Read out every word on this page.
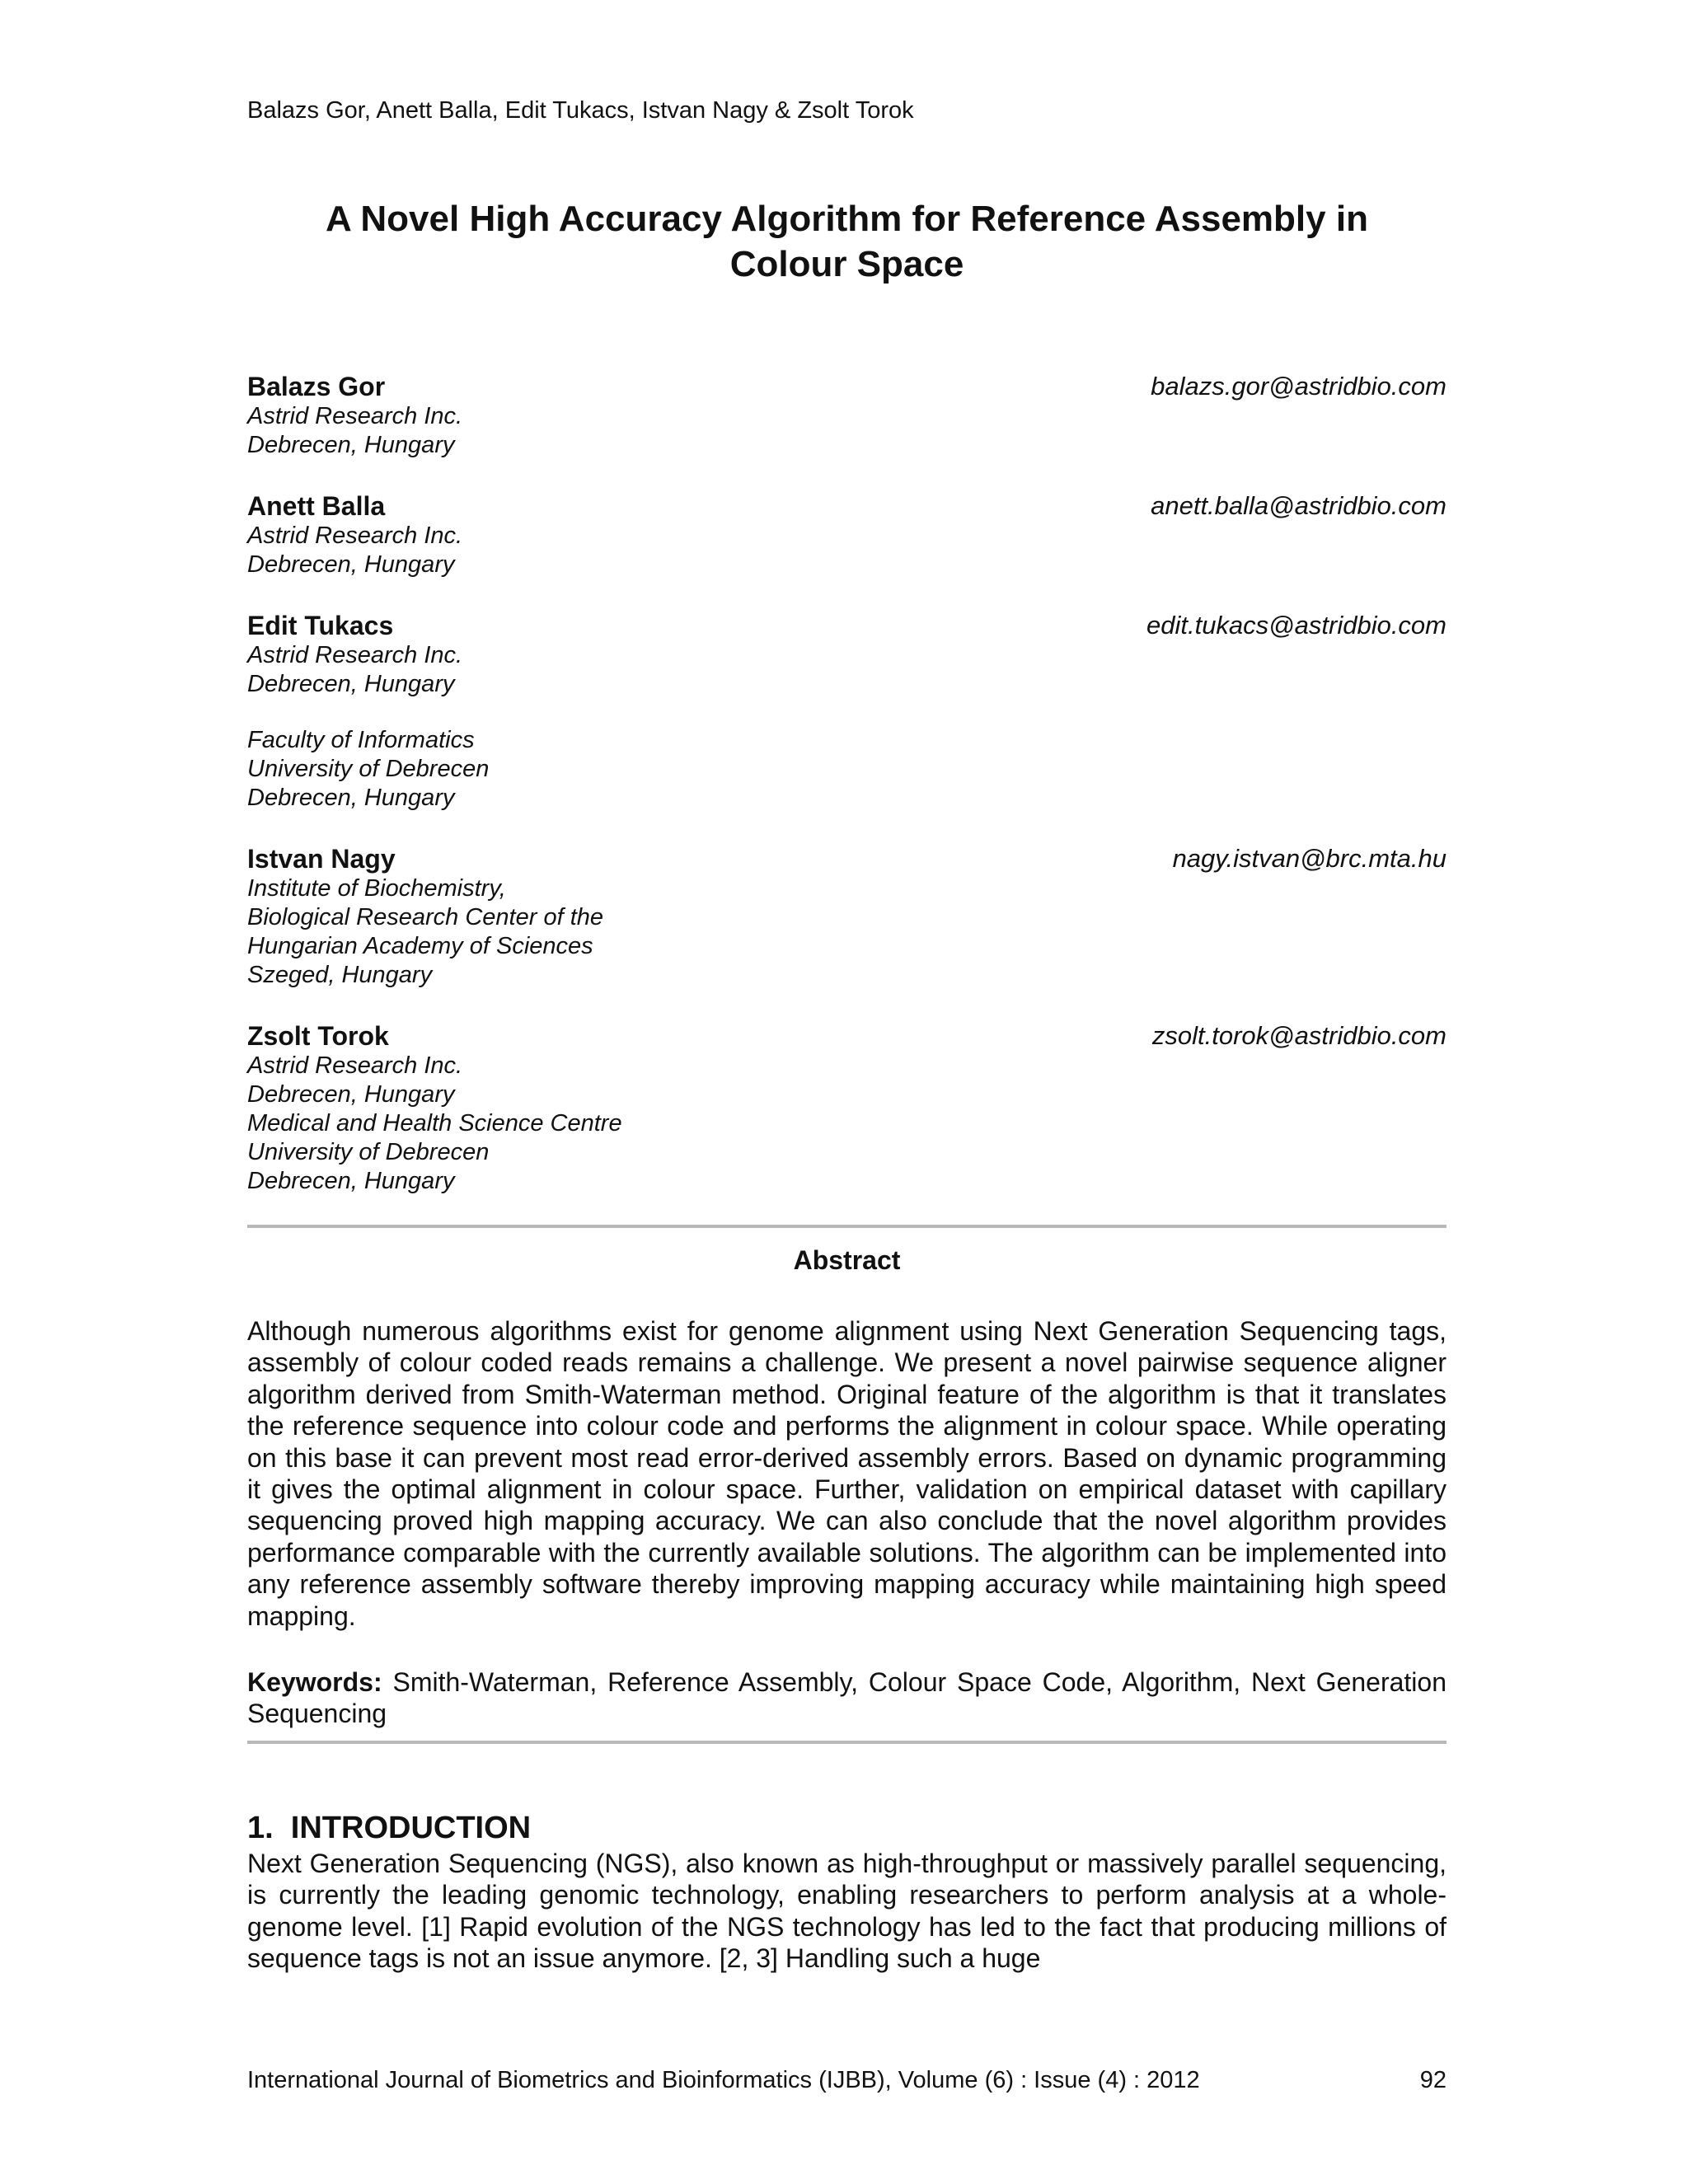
Balazs Gor, Anett Balla, Edit Tukacs, Istvan Nagy & Zsolt Torok
A Novel High Accuracy Algorithm for Reference Assembly in
Colour Space
Balazs Gor	balazs.gor@astridbio.com
Astrid Research Inc.
Debrecen, Hungary
Anett Balla	anett.balla@astridbio.com
Astrid Research Inc.
Debrecen, Hungary
Edit Tukacs	edit.tukacs@astridbio.com
Astrid Research Inc.
Debrecen, Hungary
Faculty of Informatics
University of Debrecen
Debrecen, Hungary
Istvan Nagy	nagy.istvan@brc.mta.hu
Institute of Biochemistry,
Biological Research Center of the
Hungarian Academy of Sciences
Szeged, Hungary
Zsolt Torok	zsolt.torok@astridbio.com
Astrid Research Inc.
Debrecen, Hungary
Medical and Health Science Centre
University of Debrecen
Debrecen, Hungary
Abstract

Although numerous algorithms exist for genome alignment using Next Generation Sequencing tags, assembly of colour coded reads remains a challenge. We present a novel pairwise sequence aligner algorithm derived from Smith-Waterman method. Original feature of the algorithm is that it translates the reference sequence into colour code and performs the alignment in colour space. While operating on this base it can prevent most read error-derived assembly errors. Based on dynamic programming it gives the optimal alignment in colour space. Further, validation on empirical dataset with capillary sequencing proved high mapping accuracy. We can also conclude that the novel algorithm provides performance comparable with the currently available solutions. The algorithm can be implemented into any reference assembly software thereby improving mapping accuracy while maintaining high speed mapping.

Keywords: Smith-Waterman, Reference Assembly, Colour Space Code, Algorithm, Next Generation Sequencing

1.  INTRODUCTION

Next Generation Sequencing (NGS), also known as high-throughput or massively parallel sequencing, is currently the leading genomic technology, enabling researchers to perform analysis at a whole-genome level. [1] Rapid evolution of the NGS technology has led to the fact that producing millions of sequence tags is not an issue anymore. [2, 3] Handling such a huge

International Journal of Biometrics and Bioinformatics (IJBB), Volume (6) : Issue (4) : 2012	92
